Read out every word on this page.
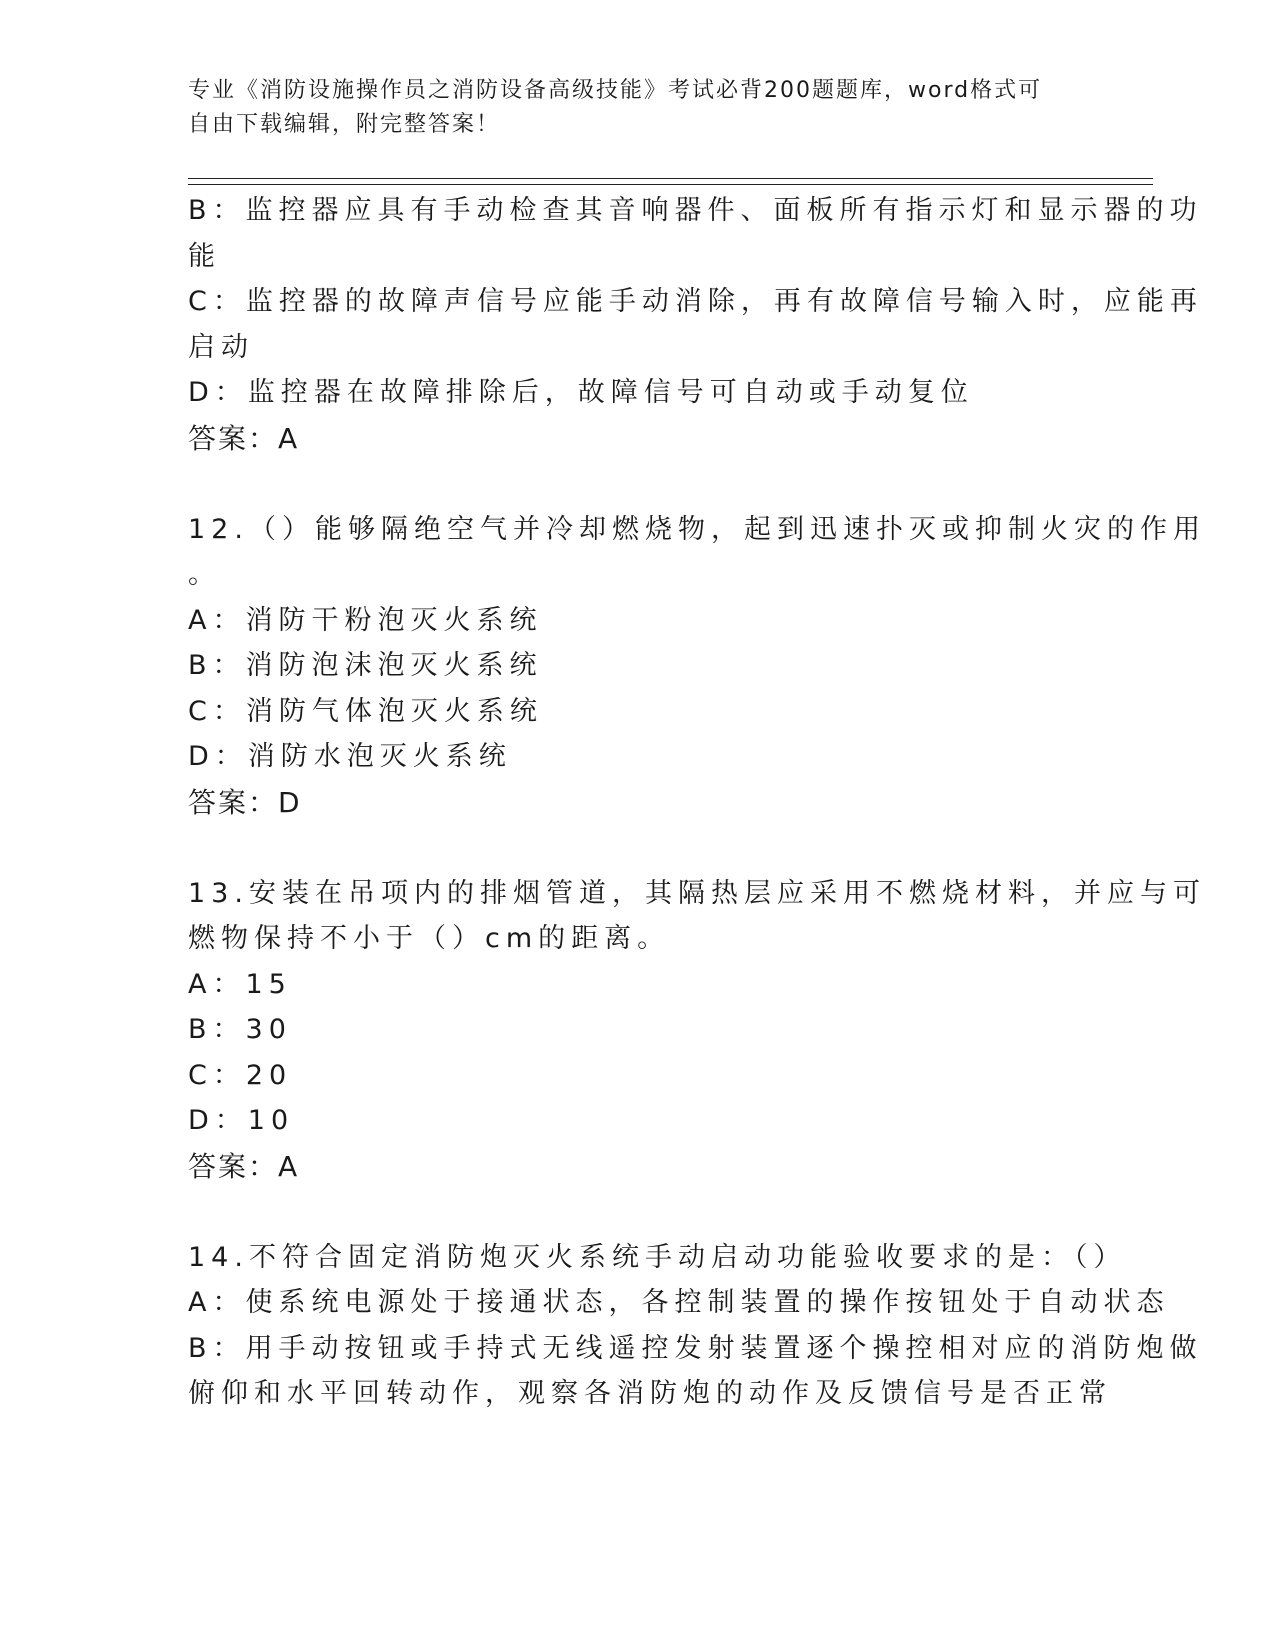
专业《消防设施操作员之消防设备高级技能》考试必背200题题库，word格式可
自由下载编辑，附完整答案！
B：监控器应具有手动检查其音响器件、面板所有指示灯和显示器的功
能
C：监控器的故障声信号应能手动消除，再有故障信号输入时，应能再
启动
D：监控器在故障排除后，故障信号可自动或手动复位
答案：A
12.（）能够隔绝空气并冷却燃烧物，起到迅速扑灭或抑制火灾的作用
。
A：消防干粉泡灭火系统
B：消防泡沫泡灭火系统
C：消防气体泡灭火系统
D：消防水泡灭火系统
答案：D
13.安装在吊项内的排烟管道，其隔热层应采用不燃烧材料，并应与可
燃物保持不小于（）cm的距离。
A：15
B：30
C：20
D：10
答案：A
14.不符合固定消防炮灭火系统手动启动功能验收要求的是：（）
A：使系统电源处于接通状态，各控制装置的操作按钮处于自动状态
B：用手动按钮或手持式无线遥控发射装置逐个操控相对应的消防炮做
俯仰和水平回转动作，观察各消防炮的动作及反馈信号是否正常
